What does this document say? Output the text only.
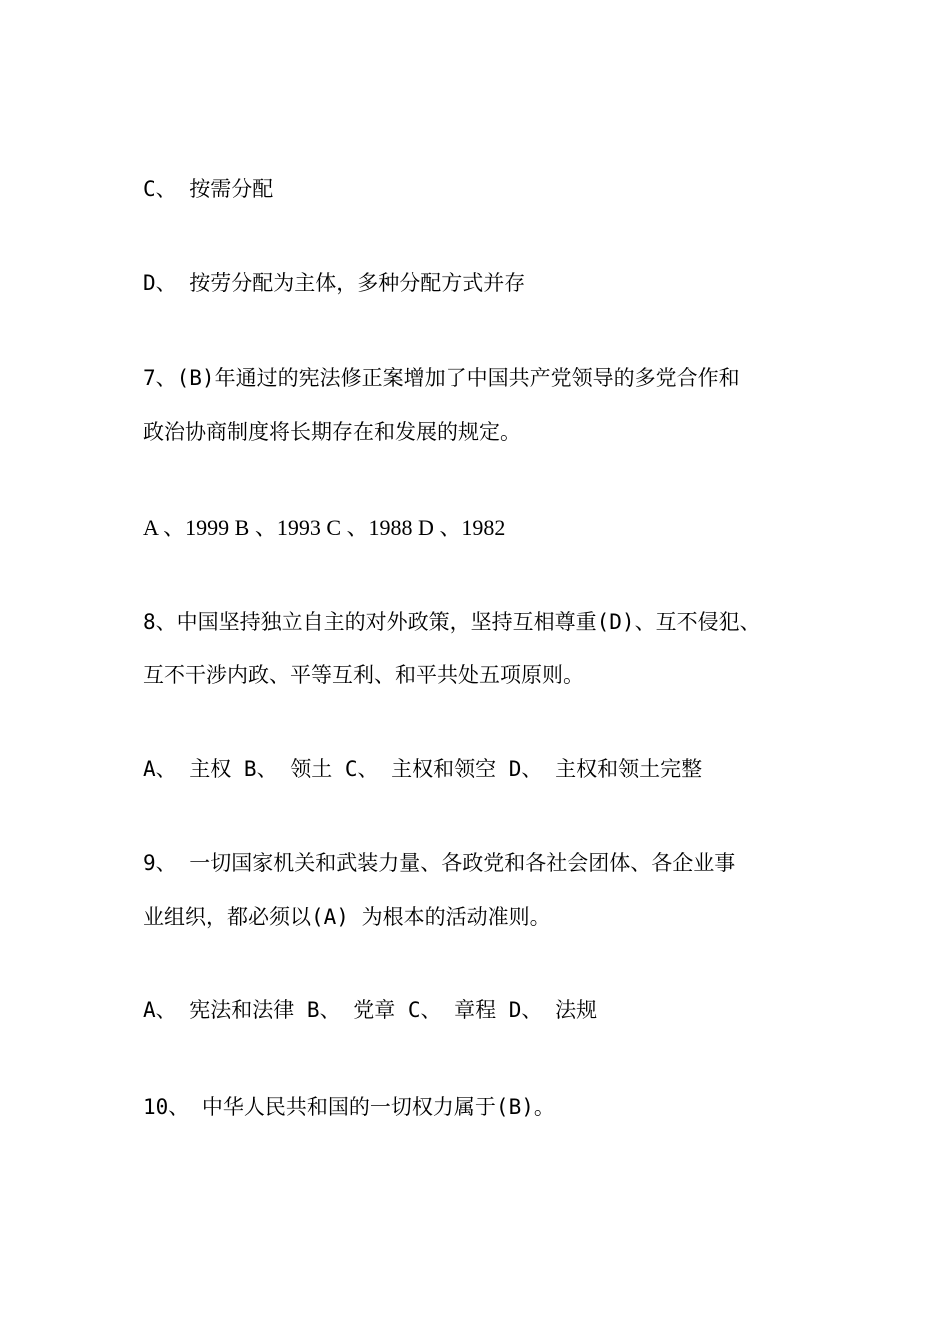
C、 按需分配

D、 按劳分配为主体，多种分配方式并存

7、(B)年通过的宪法修正案增加了中国共产党领导的多党合作和

政治协商制度将长期存在和发展的规定。

A 、1999 B 、1993 C 、1988 D 、1982

8、中国坚持独立自主的对外政策，坚持互相尊重(D)、互不侵犯、

互不干涉内政、平等互利、和平共处五项原则。

A、 主权 B、 领土 C、 主权和领空 D、 主权和领土完整

9、 一切国家机关和武装力量、各政党和各社会团体、各企业事

业组织，都必须以(A) 为根本的活动准则。

A、 宪法和法律 B、 党章 C、 章程 D、 法规

10、 中华人民共和国的一切权力属于(B)。
